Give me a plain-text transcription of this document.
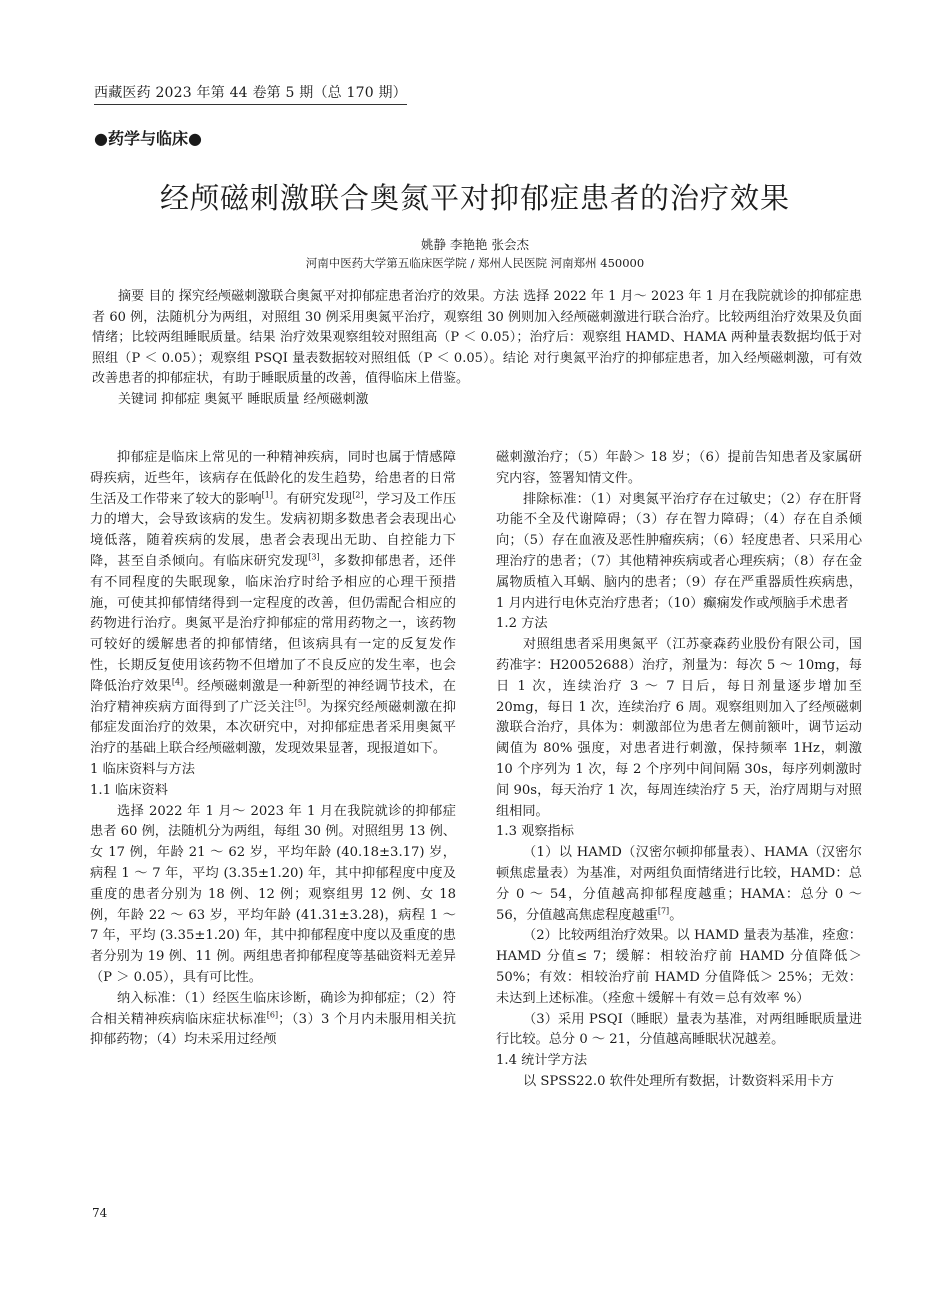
西藏医药 2023 年第 44 卷第 5 期（总 170 期）
●药学与临床●
经颅磁刺激联合奥氮平对抑郁症患者的治疗效果
姚静 李艳艳 张会杰
河南中医药大学第五临床医学院 / 郑州人民医院 河南郑州 450000

摘要 目的 探究经颅磁刺激联合奥氮平对抑郁症患者治疗的效果。方法 选择 2022 年 1 月～ 2023 年 1 月在我院就诊的抑郁症患者 60 例，法随机分为两组，对照组 30 例采用奥氮平治疗，观察组 30 例则加入经颅磁刺激进行联合治疗。比较两组治疗效果及负面情绪；比较两组睡眠质量。结果 治疗效果观察组较对照组高（P ＜ 0.05）；治疗后：观察组 HAMD、HAMA 两种量表数据均低于对照组（P ＜ 0.05）；观察组 PSQI 量表数据较对照组低（P ＜ 0.05）。结论 对行奥氮平治疗的抑郁症患者，加入经颅磁刺激，可有效改善患者的抑郁症状，有助于睡眠质量的改善，值得临床上借鉴。

关键词 抑郁症 奥氮平 睡眠质量 经颅磁刺激

抑郁症是临床上常见的一种精神疾病，同时也属于情感障碍疾病，近些年，该病存在低龄化的发生趋势，给患者的日常生活及工作带来了较大的影响[1]。有研究发现[2]，学习及工作压力的增大，会导致该病的发生。发病初期多数患者会表现出心境低落，随着疾病的发展，患者会表现出无助、自控能力下降，甚至自杀倾向。有临床研究发现[3]，多数抑郁患者，还伴有不同程度的失眠现象，临床治疗时给予相应的心理干预措施，可使其抑郁情绪得到一定程度的改善，但仍需配合相应的药物进行治疗。奥氮平是治疗抑郁症的常用药物之一，该药物可较好的缓解患者的抑郁情绪，但该病具有一定的反复发作性，长期反复使用该药物不但增加了不良反应的发生率，也会降低治疗效果[4]。经颅磁刺激是一种新型的神经调节技术，在治疗精神疾病方面得到了广泛关注[5]。为探究经颅磁刺激在抑郁症发面治疗的效果，本次研究中，对抑郁症患者采用奥氮平治疗的基础上联合经颅磁刺激，发现效果显著，现报道如下。

1 临床资料与方法

1.1 临床资料

选择 2022 年 1 月～ 2023 年 1 月在我院就诊的抑郁症患者 60 例，法随机分为两组，每组 30 例。对照组男 13 例、女 17 例，年龄 21 ～ 62 岁，平均年龄 (40.18±3.17) 岁，病程 1 ～ 7 年，平均 (3.35±1.20) 年，其中抑郁程度中度及重度的患者分别为 18 例、12 例；观察组男 12 例、女 18 例，年龄 22 ～ 63 岁，平均年龄 (41.31±3.28)，病程 1 ～ 7 年，平均 (3.35±1.20) 年，其中抑郁程度中度以及重度的患者分别为 19 例、11 例。两组患者抑郁程度等基础资料无差异（P ＞ 0.05），具有可比性。

纳入标准：（1）经医生临床诊断，确诊为抑郁症；（2）符合相关精神疾病临床症状标准[6]；（3）3 个月内未服用相关抗抑郁药物；（4）均未采用过经颅

磁刺激治疗；（5）年龄＞ 18 岁；（6）提前告知患者及家属研究内容，签署知情文件。

排除标准：（1）对奥氮平治疗存在过敏史；（2）存在肝肾功能不全及代谢障碍；（3）存在智力障碍；（4）存在自杀倾向；（5）存在血液及恶性肿瘤疾病；（6）轻度患者、只采用心理治疗的患者；（7）其他精神疾病或者心理疾病；（8）存在金属物质植入耳蜗、脑内的患者；（9）存在严重器质性疾病患，1 月内进行电休克治疗患者；（10）癫痫发作或颅脑手术患者

1.2 方法

对照组患者采用奥氮平（江苏豪森药业股份有限公司，国药准字：H20052688）治疗，剂量为：每次 5 ～ 10mg，每日 1 次，连续治疗 3 ～ 7 日后，每日剂量逐步增加至 20mg，每日 1 次，连续治疗 6 周。观察组则加入了经颅磁刺激联合治疗，具体为：刺激部位为患者左侧前额叶，调节运动阈值为 80% 强度，对患者进行刺激，保持频率 1Hz，刺激 10 个序列为 1 次，每 2 个序列中间间隔 30s，每序列刺激时间 90s，每天治疗 1 次，每周连续治疗 5 天，治疗周期与对照组相同。

1.3 观察指标

（1）以 HAMD（汉密尔顿抑郁量表）、HAMA（汉密尔顿焦虑量表）为基准，对两组负面情绪进行比较，HAMD：总分 0 ～ 54，分值越高抑郁程度越重；HAMA：总分 0 ～ 56，分值越高焦虑程度越重[7]。

（2）比较两组治疗效果。以 HAMD 量表为基准，痊愈：HAMD 分值≤ 7；缓解：相较治疗前 HAMD 分值降低＞ 50%；有效：相较治疗前 HAMD 分值降低＞ 25%；无效：未达到上述标准。（痊愈＋缓解＋有效＝总有效率 %）

（3）采用 PSQI（睡眠）量表为基准，对两组睡眠质量进行比较。总分 0 ～ 21，分值越高睡眠状况越差。

1.4 统计学方法

以 SPSS22.0 软件处理所有数据，计数资料采用卡方

74
